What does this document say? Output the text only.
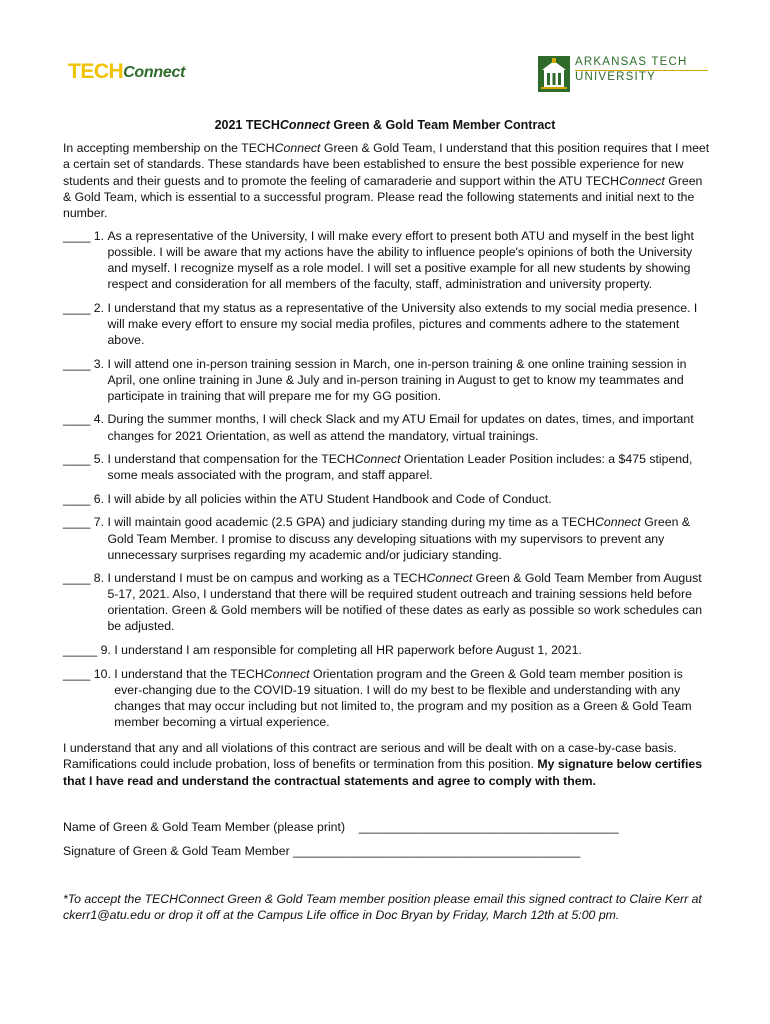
TECH Connect
ARKANSAS TECH
UNIVERSITY
2021 TECHConnect Green & Gold Team Member Contract
In accepting membership on the TECHConnect Green & Gold Team, I understand that this position requires that I meet a certain set of standards. These standards have been established to ensure the best possible experience for new students and their guests and to promote the feeling of camaraderie and support within the ATU TECHConnect Green & Gold Team, which is essential to a successful program. Please read the following statements and initial next to the number.
____ 1. As a representative of the University, I will make every effort to present both ATU and myself in the best light possible. I will be aware that my actions have the ability to influence people's opinions of both the University and myself. I recognize myself as a role model. I will set a positive example for all new students by showing respect and consideration for all members of the faculty, staff, administration and university property.
____ 2. I understand that my status as a representative of the University also extends to my social media presence. I will make every effort to ensure my social media profiles, pictures and comments adhere to the statement above.
____ 3. I will attend one in-person training session in March, one in-person training & one online training session in April, one online training in June & July and in-person training in August to get to know my teammates and participate in training that will prepare me for my GG position.
____ 4. During the summer months, I will check Slack and my ATU Email for updates on dates, times, and important changes for 2021 Orientation, as well as attend the mandatory, virtual trainings.
____ 5. I understand that compensation for the TECHConnect Orientation Leader Position includes: a $475 stipend, some meals associated with the program, and staff apparel.
____ 6. I will abide by all policies within the ATU Student Handbook and Code of Conduct.
____ 7. I will maintain good academic (2.5 GPA) and judiciary standing during my time as a TECHConnect Green & Gold Team Member. I promise to discuss any developing situations with my supervisors to prevent any unnecessary surprises regarding my academic and/or judiciary standing.
____ 8. I understand I must be on campus and working as a TECHConnect Green & Gold Team Member from August 5-17, 2021. Also, I understand that there will be required student outreach and training sessions held before orientation. Green & Gold members will be notified of these dates as early as possible so work schedules can be adjusted.
_____ 9. I understand I am responsible for completing all HR paperwork before August 1, 2021.
____ 10. I understand that the TECHConnect Orientation program and the Green & Gold team member position is ever-changing due to the COVID-19 situation. I will do my best to be flexible and understanding with any changes that may occur including but not limited to, the program and my position as a Green & Gold Team member becoming a virtual experience.
I understand that any and all violations of this contract are serious and will be dealt with on a case-by-case basis. Ramifications could include probation, loss of benefits or termination from this position. My signature below certifies that I have read and understand the contractual statements and agree to comply with them.
Name of Green & Gold Team Member (please print)    ______________________________________
Signature of Green & Gold Team Member __________________________________________
*To accept the TECHConnect Green & Gold Team member position please email this signed contract to Claire Kerr at ckerr1@atu.edu or drop it off at the Campus Life office in Doc Bryan by Friday, March 12th at 5:00 pm.
